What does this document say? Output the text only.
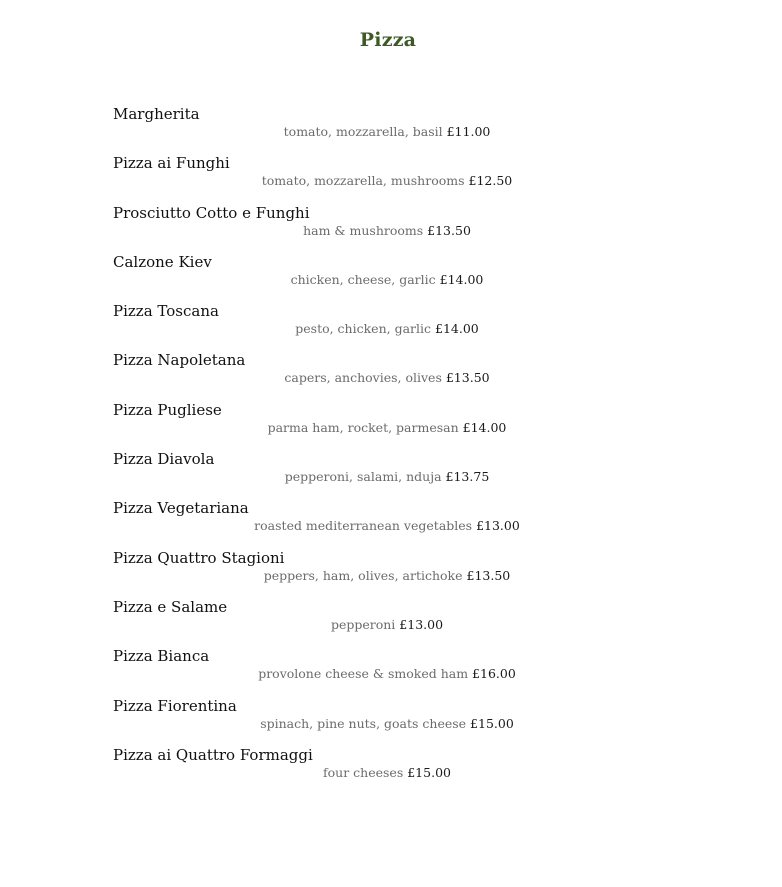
Pizza
Margherita
tomato, mozzarella, basil £11.00
Pizza ai Funghi
tomato, mozzarella, mushrooms £12.50
Prosciutto Cotto e Funghi
ham & mushrooms £13.50
Calzone Kiev
chicken, cheese, garlic £14.00
Pizza Toscana
pesto, chicken, garlic £14.00
Pizza Napoletana
capers, anchovies, olives £13.50
Pizza Pugliese
parma ham, rocket, parmesan £14.00
Pizza Diavola
pepperoni, salami, nduja £13.75
Pizza Vegetariana
roasted mediterranean vegetables £13.00
Pizza Quattro Stagioni
peppers, ham, olives, artichoke £13.50
Pizza e Salame
pepperoni £13.00
Pizza Bianca
provolone cheese & smoked ham £16.00
Pizza Fiorentina
spinach, pine nuts, goats cheese £15.00
Pizza ai Quattro Formaggi
four cheeses £15.00
